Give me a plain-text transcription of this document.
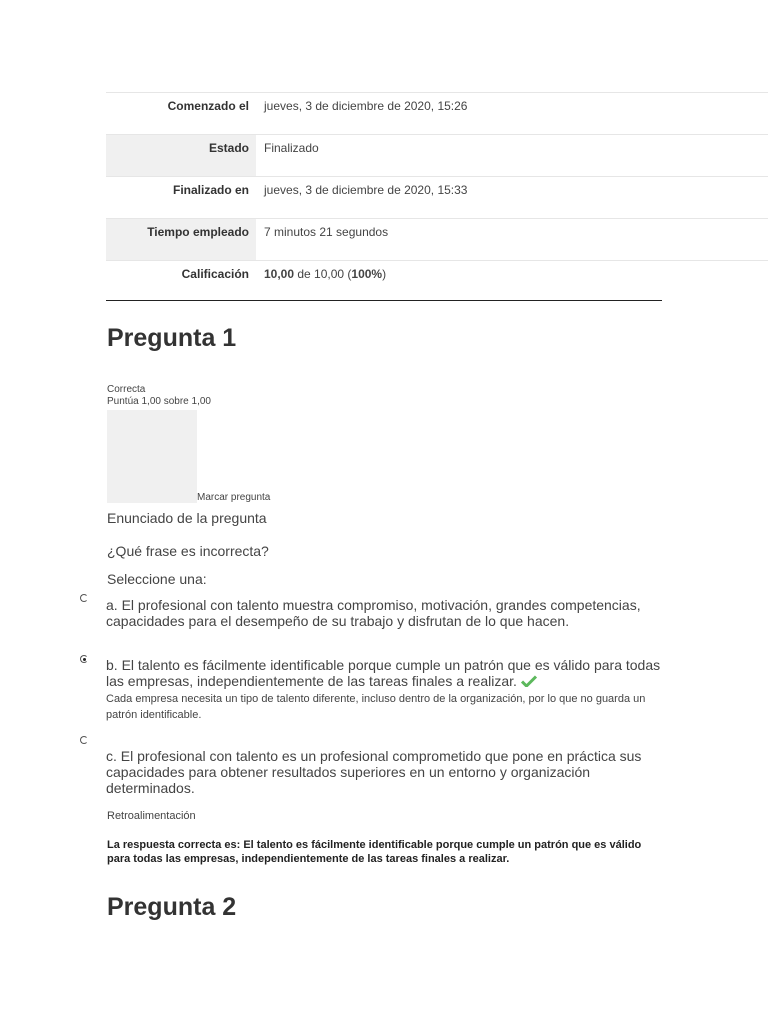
Comenzado el	jueves, 3 de diciembre de 2020, 15:26
Estado	Finalizado
Finalizado en	jueves, 3 de diciembre de 2020, 15:33
Tiempo empleado	7 minutos 21 segundos
Calificación	10,00 de 10,00 (100%)
Pregunta 1
Correcta
Puntúa 1,00 sobre 1,00
Marcar pregunta
Enunciado de la pregunta
¿Qué frase es incorrecta?
Seleccione una:
a. El profesional con talento muestra compromiso, motivación, grandes competencias, capacidades para el desempeño de su trabajo y disfrutan de lo que hacen.
b. El talento es fácilmente identificable porque cumple un patrón que es válido para todas las empresas, independientemente de las tareas finales a realizar.
Cada empresa necesita un tipo de talento diferente, incluso dentro de la organización, por lo que no guarda un patrón identificable.
c. El profesional con talento es un profesional comprometido que pone en práctica sus capacidades para obtener resultados superiores en un entorno y organización determinados.
Retroalimentación
La respuesta correcta es: El talento es fácilmente identificable porque cumple un patrón que es válido para todas las empresas, independientemente de las tareas finales a realizar.
Pregunta 2
